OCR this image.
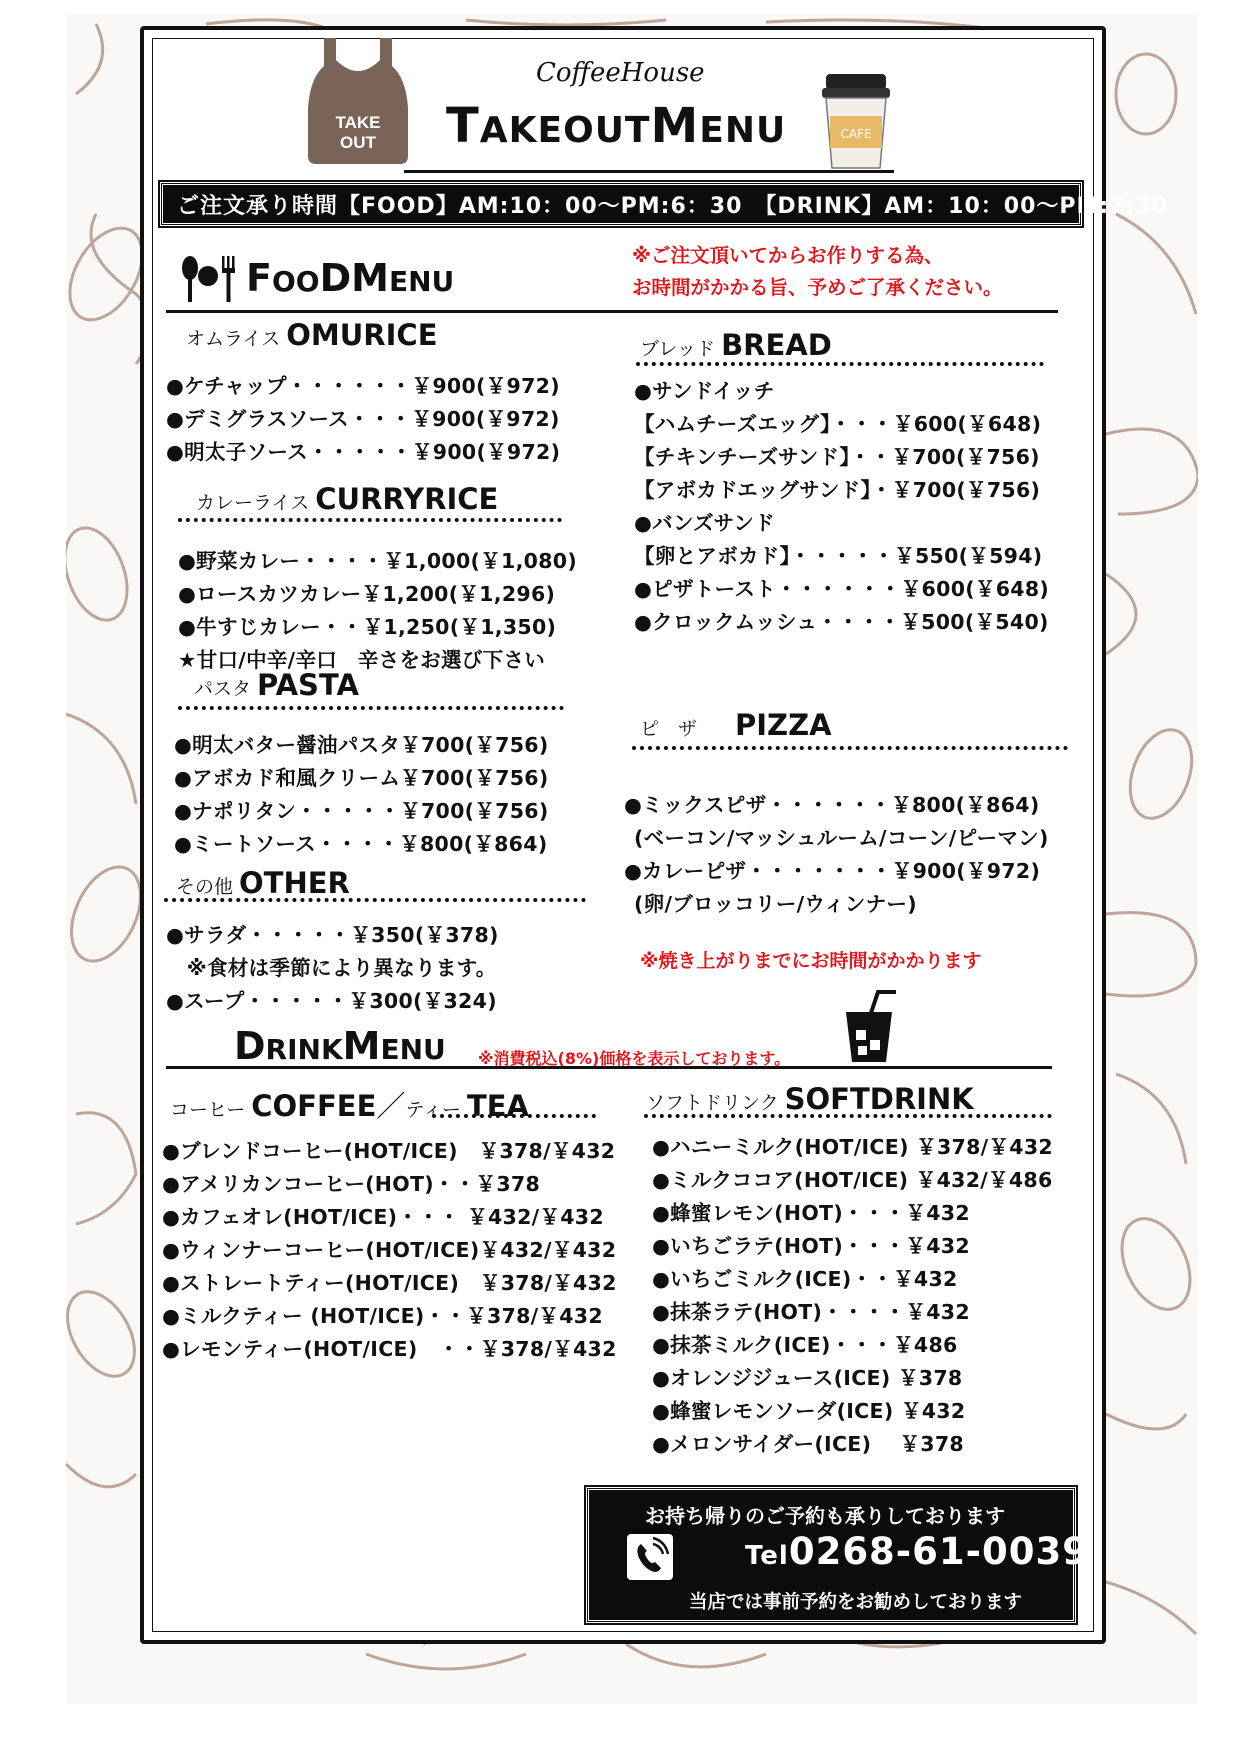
TAKE
OUT
CoffeeHouse
TAKEOUTMENU	CAFE
ご注文承り時間【FOOD】AM:10：00～PM:6：30　【DRINK】AM：10：00～PM:7:30
FOODMENU
※ご注文頂いてからお作りする為、
お時間がかかる旨、予めご了承ください。
オムライス OMURICE
●ケチャップ・・・・・・￥900(￥972)
●デミグラスソース・・・￥900(￥972)
●明太子ソース・・・・・￥900(￥972)
カレーライス CURRYRICE
●野菜カレー・・・・￥1,000(￥1,080)
●ロースカツカレー￥1,200(￥1,296)
●牛すじカレー・・￥1,250(￥1,350)
★甘口/中辛/辛口　辛さをお選び下さい
パスタ PASTA
●明太バター醤油パスタ￥700(￥756)
●アボカド和風クリーム￥700(￥756)
●ナポリタン・・・・・￥700(￥756)
●ミートソース・・・・￥800(￥864)
その他 OTHER
●サラダ・・・・・￥350(￥378)
　※食材は季節により異なります。
●スープ・・・・・￥300(￥324)
ブレッド BREAD
●サンドイッチ
【ハムチーズエッグ】・・・￥600(￥648)
【チキンチーズサンド】・・￥700(￥756)
【アボカドエッグサンド】・￥700(￥756)
●バンズサンド
【卵とアボカド】・・・・・￥550(￥594)
●ピザトースト・・・・・・￥600(￥648)
●クロックムッシュ・・・・￥500(￥540)
ピ　ザ PIZZA
●ミックスピザ・・・・・・￥800(￥864)
(ベーコン/マッシュルーム/コーン/ピーマン)
●カレーピザ・・・・・・・￥900(￥972)
(卵/ブロッコリー/ウィンナー)
※焼き上がりまでにお時間がかかります
DRINKMENU ※消費税込(8%)価格を表示しております。
コーヒー COFFEE／ティー TEA
●ブレンドコーヒー(HOT/ICE)　￥378/￥432
●アメリカンコーヒー(HOT)・・￥378
●カフェオレ(HOT/ICE)・・・ ￥432/￥432
●ウィンナーコーヒー(HOT/ICE)￥432/￥432
●ストレートティー(HOT/ICE)　￥378/￥432
●ミルクティー (HOT/ICE)・・￥378/￥432
●レモンティー(HOT/ICE)　・・￥378/￥432
ソフトドリンク SOFTDRINK
●ハニーミルク(HOT/ICE) ￥378/￥432
●ミルクココア(HOT/ICE) ￥432/￥486
●蜂蜜レモン(HOT)・・・￥432
●いちごラテ(HOT)・・・￥432
●いちごミルク(ICE)・・￥432
●抹茶ラテ(HOT)・・・・￥432
●抹茶ミルク(ICE)・・・￥486
●オレンジジュース(ICE) ￥378
●蜂蜜レモンソーダ(ICE) ￥432
●メロンサイダー(ICE)　 ￥378
お持ち帰りのご予約も承りしております
Tel0268-61-0039
当店では事前予約をお勧めしております
